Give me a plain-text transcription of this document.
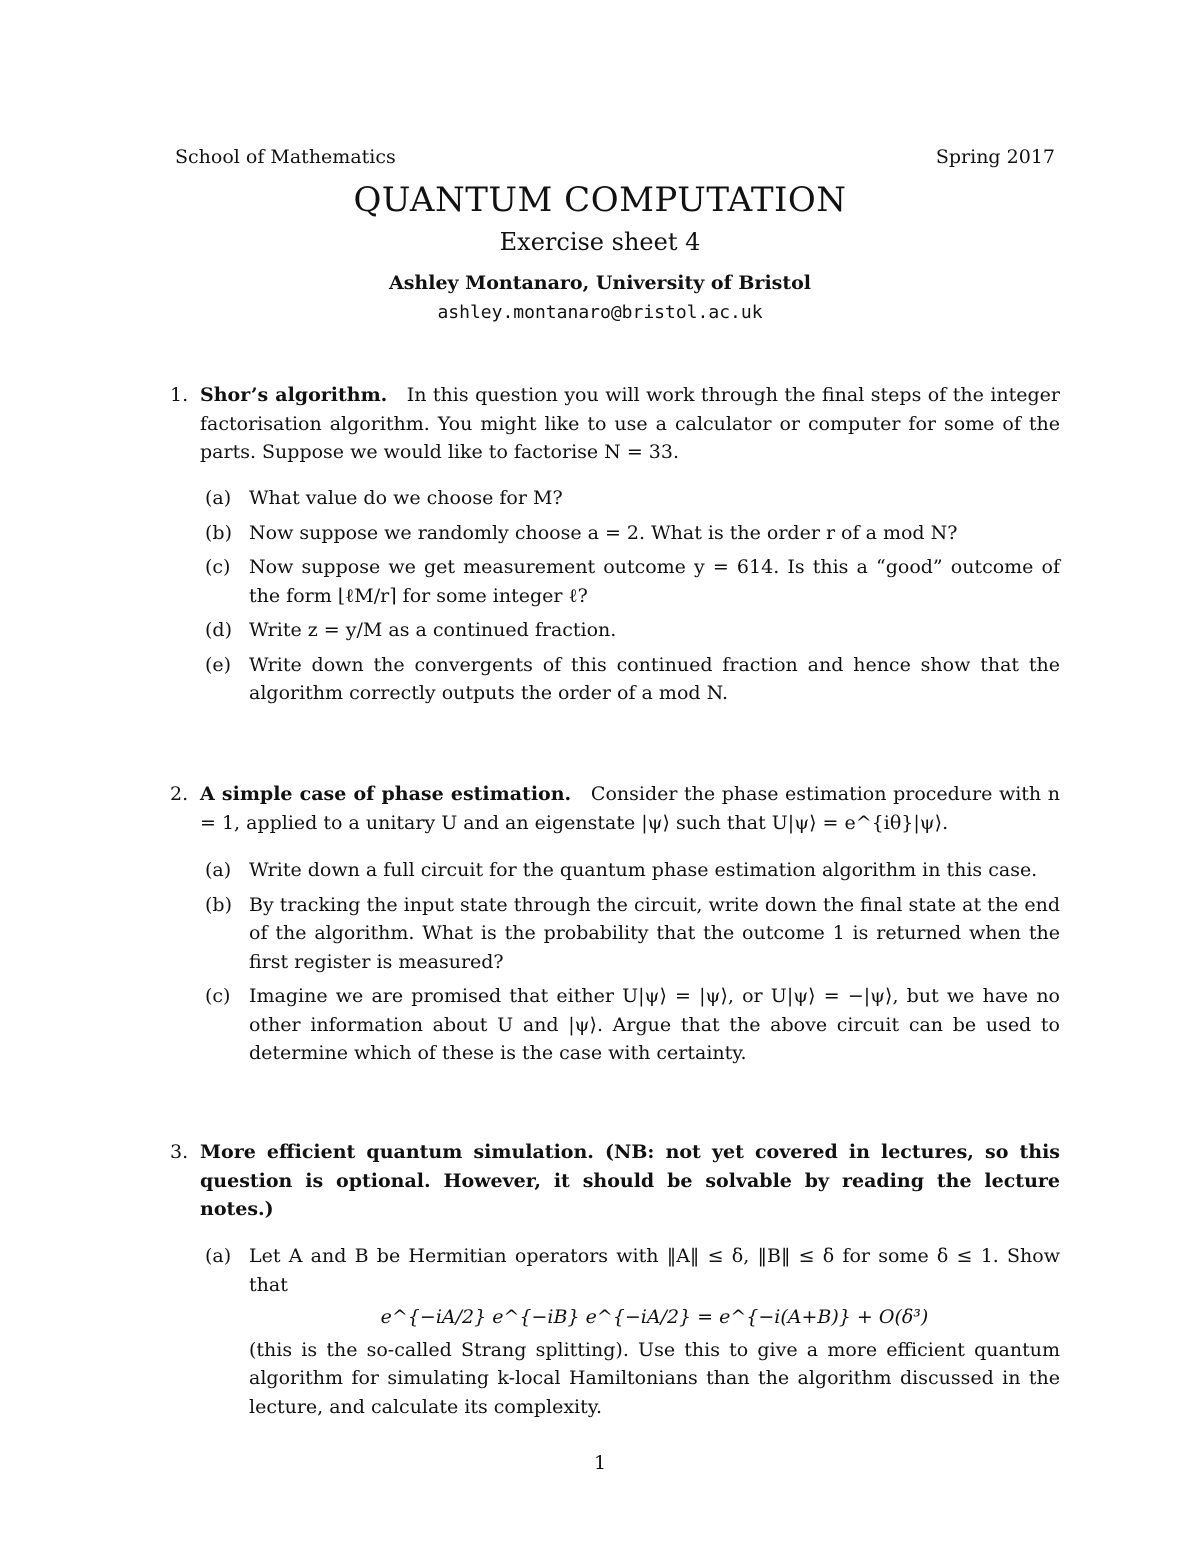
School of Mathematics	Spring 2017
QUANTUM COMPUTATION
Exercise sheet 4
Ashley Montanaro, University of Bristol
ashley.montanaro@bristol.ac.uk
1. Shor’s algorithm. In this question you will work through the final steps of the integer factorisation algorithm. You might like to use a calculator or computer for some of the parts. Suppose we would like to factorise N = 33.
(a) What value do we choose for M?
(b) Now suppose we randomly choose a = 2. What is the order r of a mod N?
(c) Now suppose we get measurement outcome y = 614. Is this a “good” outcome of the form ⌊ℓM/r⌉ for some integer ℓ?
(d) Write z = y/M as a continued fraction.
(e) Write down the convergents of this continued fraction and hence show that the algorithm correctly outputs the order of a mod N.
2. A simple case of phase estimation. Consider the phase estimation procedure with n = 1, applied to a unitary U and an eigenstate |ψ⟩ such that U|ψ⟩ = e^{iθ}|ψ⟩.
(a) Write down a full circuit for the quantum phase estimation algorithm in this case.
(b) By tracking the input state through the circuit, write down the final state at the end of the algorithm. What is the probability that the outcome 1 is returned when the first register is measured?
(c) Imagine we are promised that either U|ψ⟩ = |ψ⟩, or U|ψ⟩ = −|ψ⟩, but we have no other information about U and |ψ⟩. Argue that the above circuit can be used to determine which of these is the case with certainty.
3. More efficient quantum simulation. (NB: not yet covered in lectures, so this question is optional. However, it should be solvable by reading the lecture notes.)
(a) Let A and B be Hermitian operators with ‖A‖ ≤ δ, ‖B‖ ≤ δ for some δ ≤ 1. Show that
e^{−iA/2} e^{−iB} e^{−iA/2} = e^{−i(A+B)} + O(δ³)
(this is the so-called Strang splitting). Use this to give a more efficient quantum algorithm for simulating k-local Hamiltonians than the algorithm discussed in the lecture, and calculate its complexity.
1
